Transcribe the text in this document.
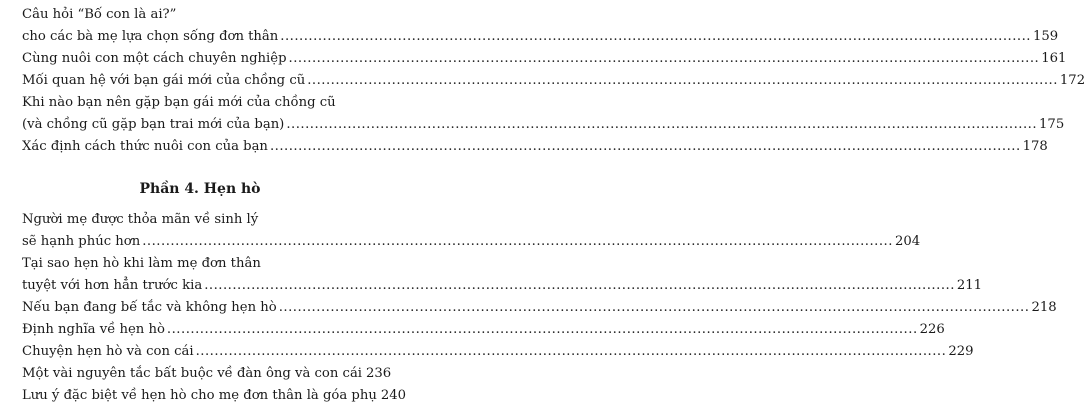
Câu hỏi “Bố con là ai?”
cho các bà mẹ lựa chọn sống đơn thân .....	159
Cùng nuôi con một cách chuyên nghiệp .....	161
Mối quan hệ với bạn gái mới của chồng cũ .....	172
Khi nào bạn nên gặp bạn gái mới của chồng cũ
(và chồng cũ gặp bạn trai mới của bạn) .....	175
Xác định cách thức nuôi con của bạn .....	178
Phần 4. Hẹn hò
Người mẹ được thỏa mãn về sinh lý
sẽ hạnh phúc hơn .....	204
Tại sao hẹn hò khi làm mẹ đơn thân
tuyệt với hơn hẳn trước kia .....	211
Nếu bạn đang bế tắc và không hẹn hò .....	218
Định nghĩa về hẹn hò .....	226
Chuyện hẹn hò và con cái .....	229
Một vài nguyên tắc bất buộc về đàn ông và con cái 236
Lưu ý đặc biệt về hẹn hò cho mẹ đơn thân là góa phụ 240
